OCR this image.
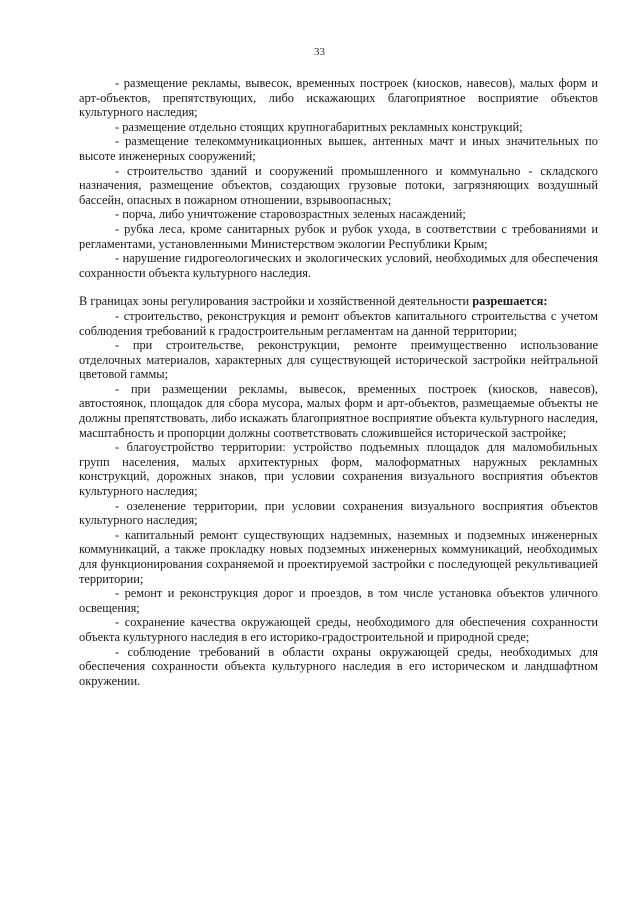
33

- размещение рекламы, вывесок, временных построек (киосков, навесов), малых форм и арт-объектов, препятствующих, либо искажающих благоприятное восприятие объектов культурного наследия;

- размещение отдельно стоящих крупногабаритных рекламных конструкций;

- размещение телекоммуникационных вышек, антенных мачт и иных значительных по высоте инженерных сооружений;

- строительство зданий и сооружений промышленного и коммунально - складского назначения, размещение объектов, создающих грузовые потоки, загрязняющих воздушный бассейн, опасных в пожарном отношении, взрывоопасных;

- порча, либо уничтожение старовозрастных зеленых насаждений;

- рубка леса, кроме санитарных рубок и рубок ухода, в соответствии с требованиями и регламентами, установленными Министерством экологии Республики Крым;

- нарушение гидрогеологических и экологических условий, необходимых для обеспечения сохранности объекта культурного наследия.

В границах зоны регулирования застройки и хозяйственной деятельности разрешается:

- строительство, реконструкция и ремонт объектов капитального строительства с учетом соблюдения требований к градостроительным регламентам на данной территории;

- при строительстве, реконструкции, ремонте преимущественно использование отделочных материалов, характерных для существующей исторической застройки нейтральной цветовой гаммы;

- при размещении рекламы, вывесок, временных построек (киосков, навесов), автостоянок, площадок для сбора мусора, малых форм и арт-объектов, размещаемые объекты не должны препятствовать, либо искажать благоприятное восприятие объекта культурного наследия, масштабность и пропорции должны соответствовать сложившейся исторической застройке;

- благоустройство территории: устройство подъемных площадок для маломобильных групп населения, малых архитектурных форм, малоформатных наружных рекламных конструкций, дорожных знаков, при условии сохранения визуального восприятия объектов культурного наследия;

- озеленение территории, при условии сохранения визуального восприятия объектов культурного наследия;

- капитальный ремонт существующих надземных, наземных и подземных инженерных коммуникаций, а также прокладку новых подземных инженерных коммуникаций, необходимых для функционирования сохраняемой и проектируемой застройки с последующей рекультивацией территории;

- ремонт и реконструкция дорог и проездов, в том числе установка объектов уличного освещения;

- сохранение качества окружающей среды, необходимого для обеспечения сохранности объекта культурного наследия в его историко-градостроительной и природной среде;

- соблюдение требований в области охраны окружающей среды, необходимых для обеспечения сохранности объекта культурного наследия в его историческом и ландшафтном окружении.
